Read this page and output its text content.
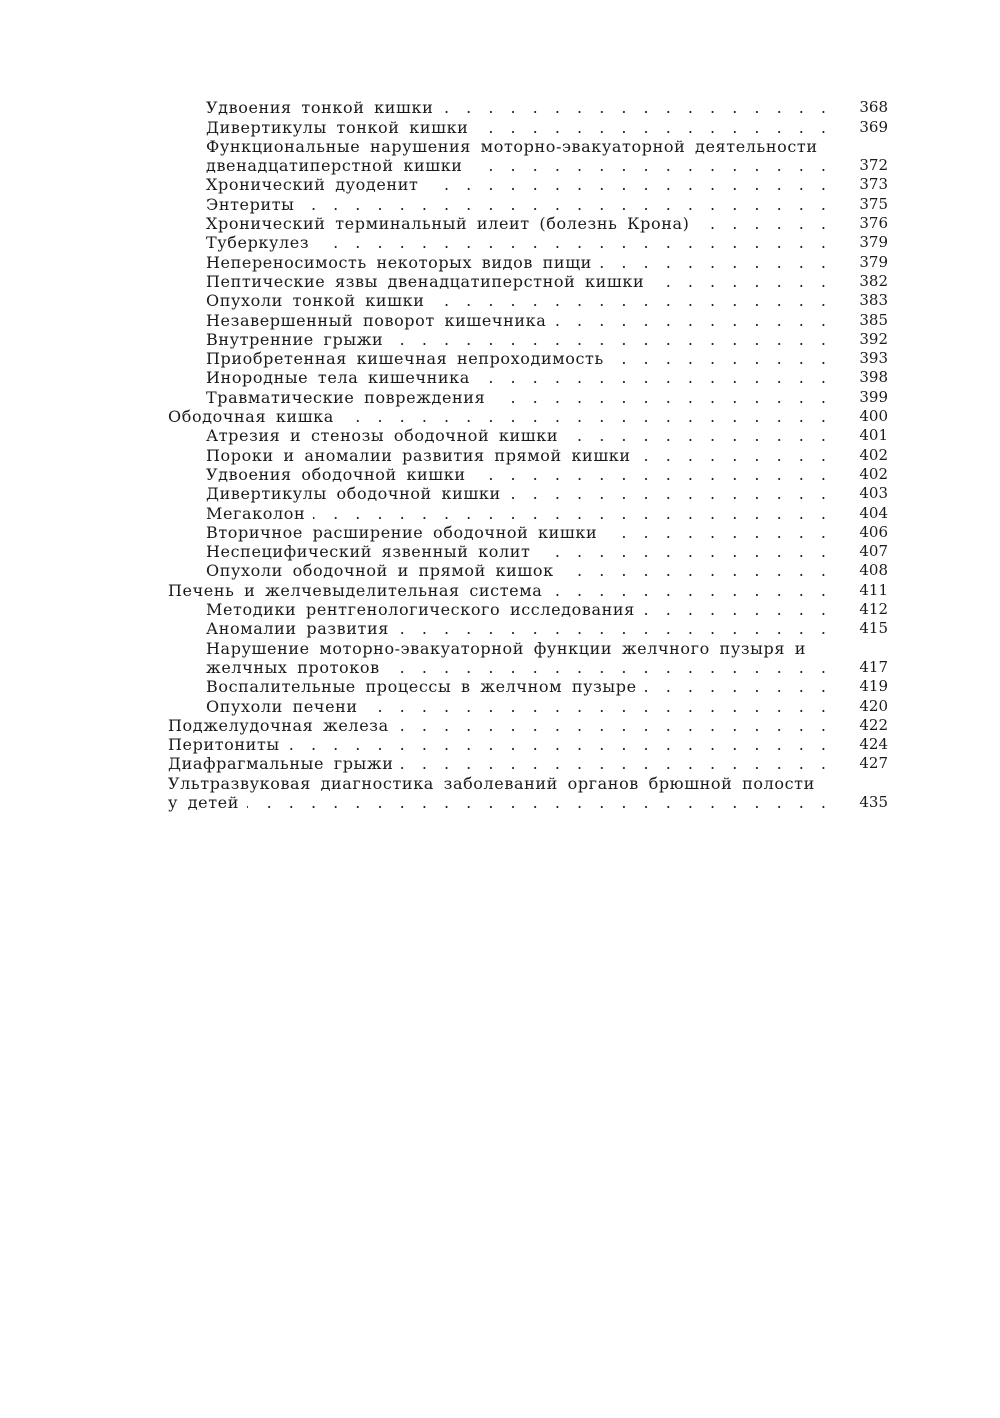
Удвоения тонкой кишки . . .	368
Дивертикулы тонкой кишки . . .	369
Функциональные нарушения моторно-эвакуаторной деятельности
двенадцатиперстной кишки . . .	372
Хронический дуоденит . . .	373
Энтериты . . .	375
Хронический терминальный илеит (болезнь Крона) . . .	376
Туберкулез . . .	379
Непереносимость некоторых видов пищи . . .	379
Пептические язвы двенадцатиперстной кишки . . .	382
Опухоли тонкой кишки . . .	383
Незавершенный поворот кишечника . . .	385
Внутренние грыжи . . .	392
Приобретенная кишечная непроходимость . . .	393
Инородные тела кишечника . . .	398
Травматические повреждения . . .	399
Ободочная кишка . . .	400
Атрезия и стенозы ободочной кишки . . .	401
Пороки и аномалии развития прямой кишки . . .	402
Удвоения ободочной кишки . . .	402
Дивертикулы ободочной кишки . . .	403
Мегаколон . . .	404
Вторичное расширение ободочной кишки . . .	406
Неспецифический язвенный колит . . .	407
Опухоли ободочной и прямой кишок . . .	408
Печень и желчевыделительная система . . .	411
Методики рентгенологического исследования . . .	412
Аномалии развития . . .	415
Нарушение моторно-эвакуаторной функции желчного пузыря и
желчных протоков . . .	417
Воспалительные процессы в желчном пузыре . . .	419
Опухоли печени . . .	420
Поджелудочная железа . . .	422
Перитониты . . .	424
Диафрагмальные грыжи . . .	427
Ультразвуковая диагностика заболеваний органов брюшной полости
у детей . . .	435
